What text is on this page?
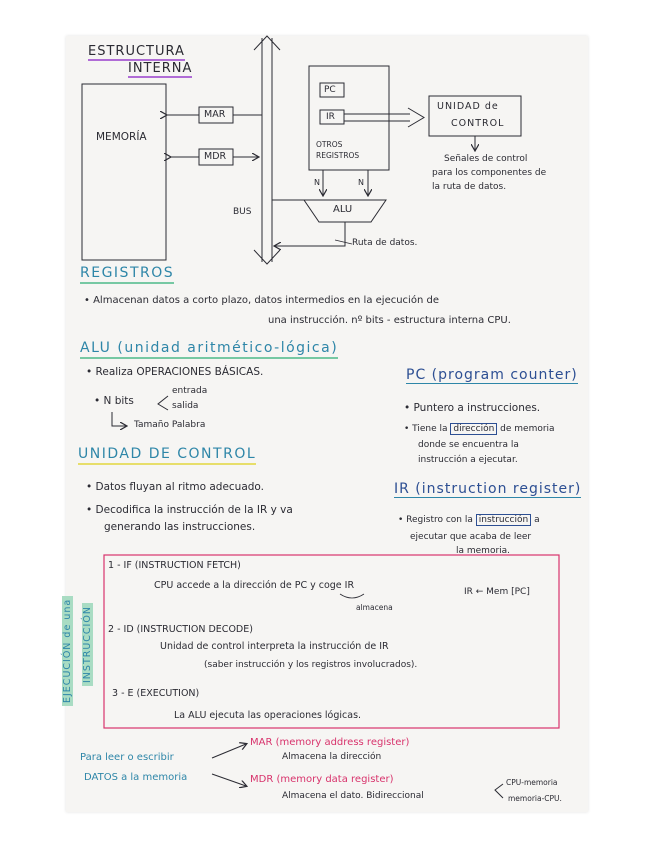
ESTRUCTURA
INTERNA
MEMORÍA
MAR
MDR
BUS
PC
IR
OTROS
REGISTROS
N	N
ALU
UNIDAD de
CONTROL
Señales de control
para los componentes de
la ruta de datos.
Ruta de datos.
REGISTROS
• Almacenan datos a corto plazo, datos intermedios en la ejecución de
una instrucción. nº bits - estructura interna CPU.
ALU (unidad aritmético-lógica)
• Realiza OPERACIONES BÁSICAS.
• N bits
entrada
salida
Tamaño Palabra
PC (program counter)
• Puntero a instrucciones.
• Tiene la dirección de memoria
donde se encuentra la
instrucción a ejecutar.
UNIDAD DE CONTROL
• Datos fluyan al ritmo adecuado.
• Decodifica la instrucción de la IR y va
generando las instrucciones.
IR (instruction register)
• Registro con la instrucción a
ejecutar que acaba de leer
la memoria.
EJECUCIÓN de una INSTRUCCIÓN
1 - IF (INSTRUCTION FETCH)
CPU accede a la dirección de PC y coge IR
almacena
IR ← Mem [PC]
2 - ID (INSTRUCTION DECODE)
Unidad de control interpreta la instrucción de IR
(saber instrucción y los registros involucrados).
3 - E (EXECUTION)
La ALU ejecuta las operaciones lógicas.
Para leer o escribir
DATOS a la memoria
MAR (memory address register)
Almacena la dirección
MDR (memory data register)
Almacena el dato. Bidireccional
CPU-memoria
memoria-CPU.
